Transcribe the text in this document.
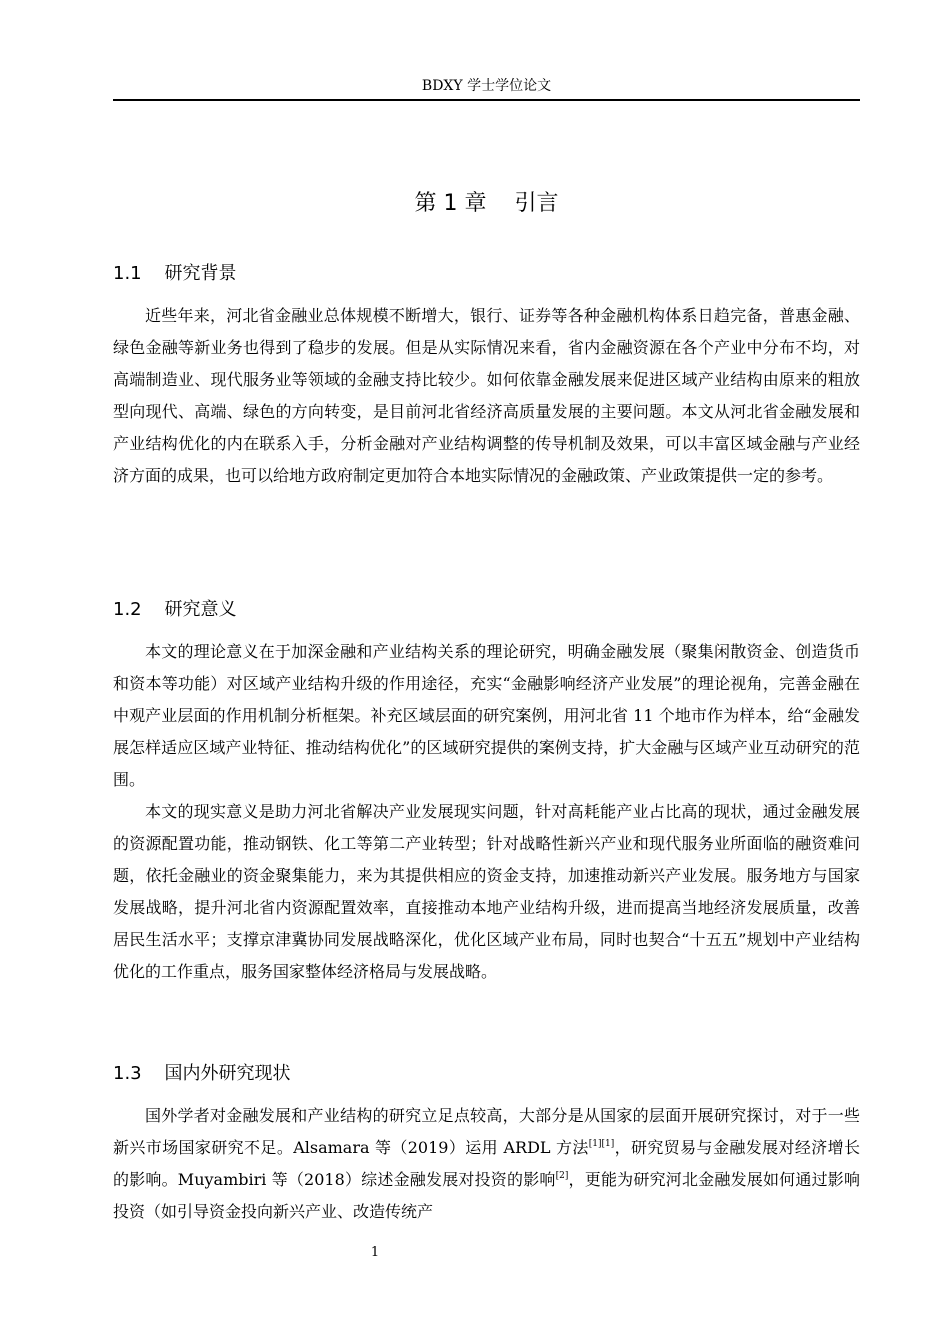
BDXY 学士学位论文
第 1 章    引言
1.1    研究背景

近些年来，河北省金融业总体规模不断增大，银行、证券等各种金融机构体系日趋完备，普惠金融、绿色金融等新业务也得到了稳步的发展。但是从实际情况来看，省内金融资源在各个产业中分布不均，对高端制造业、现代服务业等领域的金融支持比较少。如何依靠金融发展来促进区域产业结构由原来的粗放型向现代、高端、绿色的方向转变，是目前河北省经济高质量发展的主要问题。本文从河北省金融发展和产业结构优化的内在联系入手，分析金融对产业结构调整的传导机制及效果，可以丰富区域金融与产业经济方面的成果，也可以给地方政府制定更加符合本地实际情况的金融政策、产业政策提供一定的参考。

1.2    研究意义

本文的理论意义在于加深金融和产业结构关系的理论研究，明确金融发展（聚集闲散资金、创造货币和资本等功能）对区域产业结构升级的作用途径，充实“金融影响经济产业发展”的理论视角，完善金融在中观产业层面的作用机制分析框架。补充区域层面的研究案例，用河北省 11 个地市作为样本，给“金融发展怎样适应区域产业特征、推动结构优化”的区域研究提供的案例支持，扩大金融与区域产业互动研究的范围。

本文的现实意义是助力河北省解决产业发展现实问题，针对高耗能产业占比高的现状，通过金融发展的资源配置功能，推动钢铁、化工等第二产业转型；针对战略性新兴产业和现代服务业所面临的融资难问题，依托金融业的资金聚集能力，来为其提供相应的资金支持，加速推动新兴产业发展。服务地方与国家发展战略，提升河北省内资源配置效率，直接推动本地产业结构升级，进而提高当地经济发展质量，改善居民生活水平；支撑京津冀协同发展战略深化，优化区域产业布局，同时也契合“十五五”规划中产业结构优化的工作重点，服务国家整体经济格局与发展战略。

1.3    国内外研究现状

国外学者对金融发展和产业结构的研究立足点较高，大部分是从国家的层面开展研究探讨，对于一些新兴市场国家研究不足。Alsamara 等（2019）运用 ARDL 方法[1][1]，研究贸易与金融发展对经济增长的影响。Muyambiri 等（2018）综述金融发展对投资的影响[2]，更能为研究河北金融发展如何通过影响投资（如引导资金投向新兴产业、改造传统产

1
